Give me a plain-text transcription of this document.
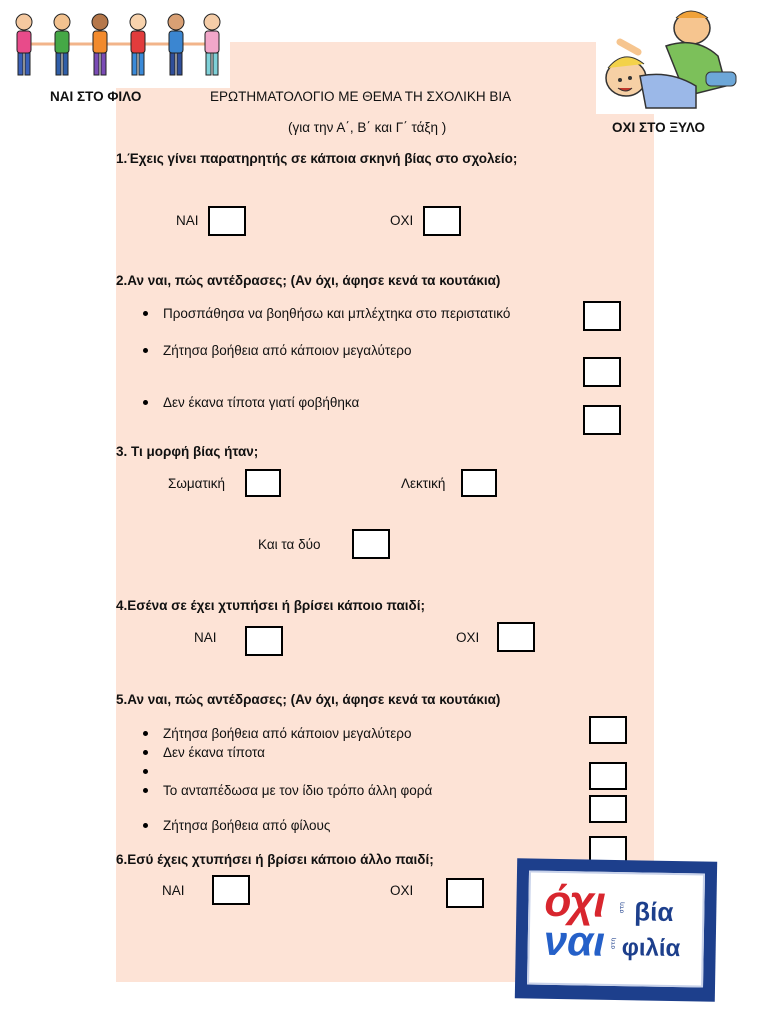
ΝΑΙ ΣΤΟ ΦΙΛΟ	ΕΡΩΤΗΜΑΤΟΛΟΓΙΟ ΜΕ ΘΕΜΑ ΤΗ ΣΧΟΛΙΚΗ ΒΙΑ
(για την Α΄, Β΄ και Γ΄ τάξη )	ΟΧΙ ΣΤΟ ΞΥΛΟ
1.Έχεις γίνει παρατηρητής σε κάποια σκηνή βίας στο σχολείο;
ΝΑΙ	ΟΧΙ
2.Αν ναι, πώς αντέδρασες; (Αν όχι, άφησε κενά τα κουτάκια)
Προσπάθησα να βοηθήσω και μπλέχτηκα στο περιστατικό
Ζήτησα βοήθεια από κάποιον μεγαλύτερο
Δεν έκανα τίποτα γιατί φοβήθηκα
3. Τι μορφή βίας ήταν;
Σωματική	Λεκτική
Και τα δύο
4.Εσένα σε έχει χτυπήσει ή βρίσει κάποιο παιδί;
ΝΑΙ	ΟΧΙ
5.Αν ναι, πώς αντέδρασες; (Αν όχι, άφησε κενά τα κουτάκια)
Ζήτησα βοήθεια από κάποιον μεγαλύτερο
Δεν έκανα τίποτα
Το ανταπέδωσα με τον ίδιο τρόπο άλλη φορά
Ζήτησα βοήθεια από φίλους
6.Εσύ έχεις χτυπήσει ή βρίσει κάποιο άλλο παιδί;
ΝΑΙ	ΟΧΙ	όχι στη βία
ναι στη φιλία
